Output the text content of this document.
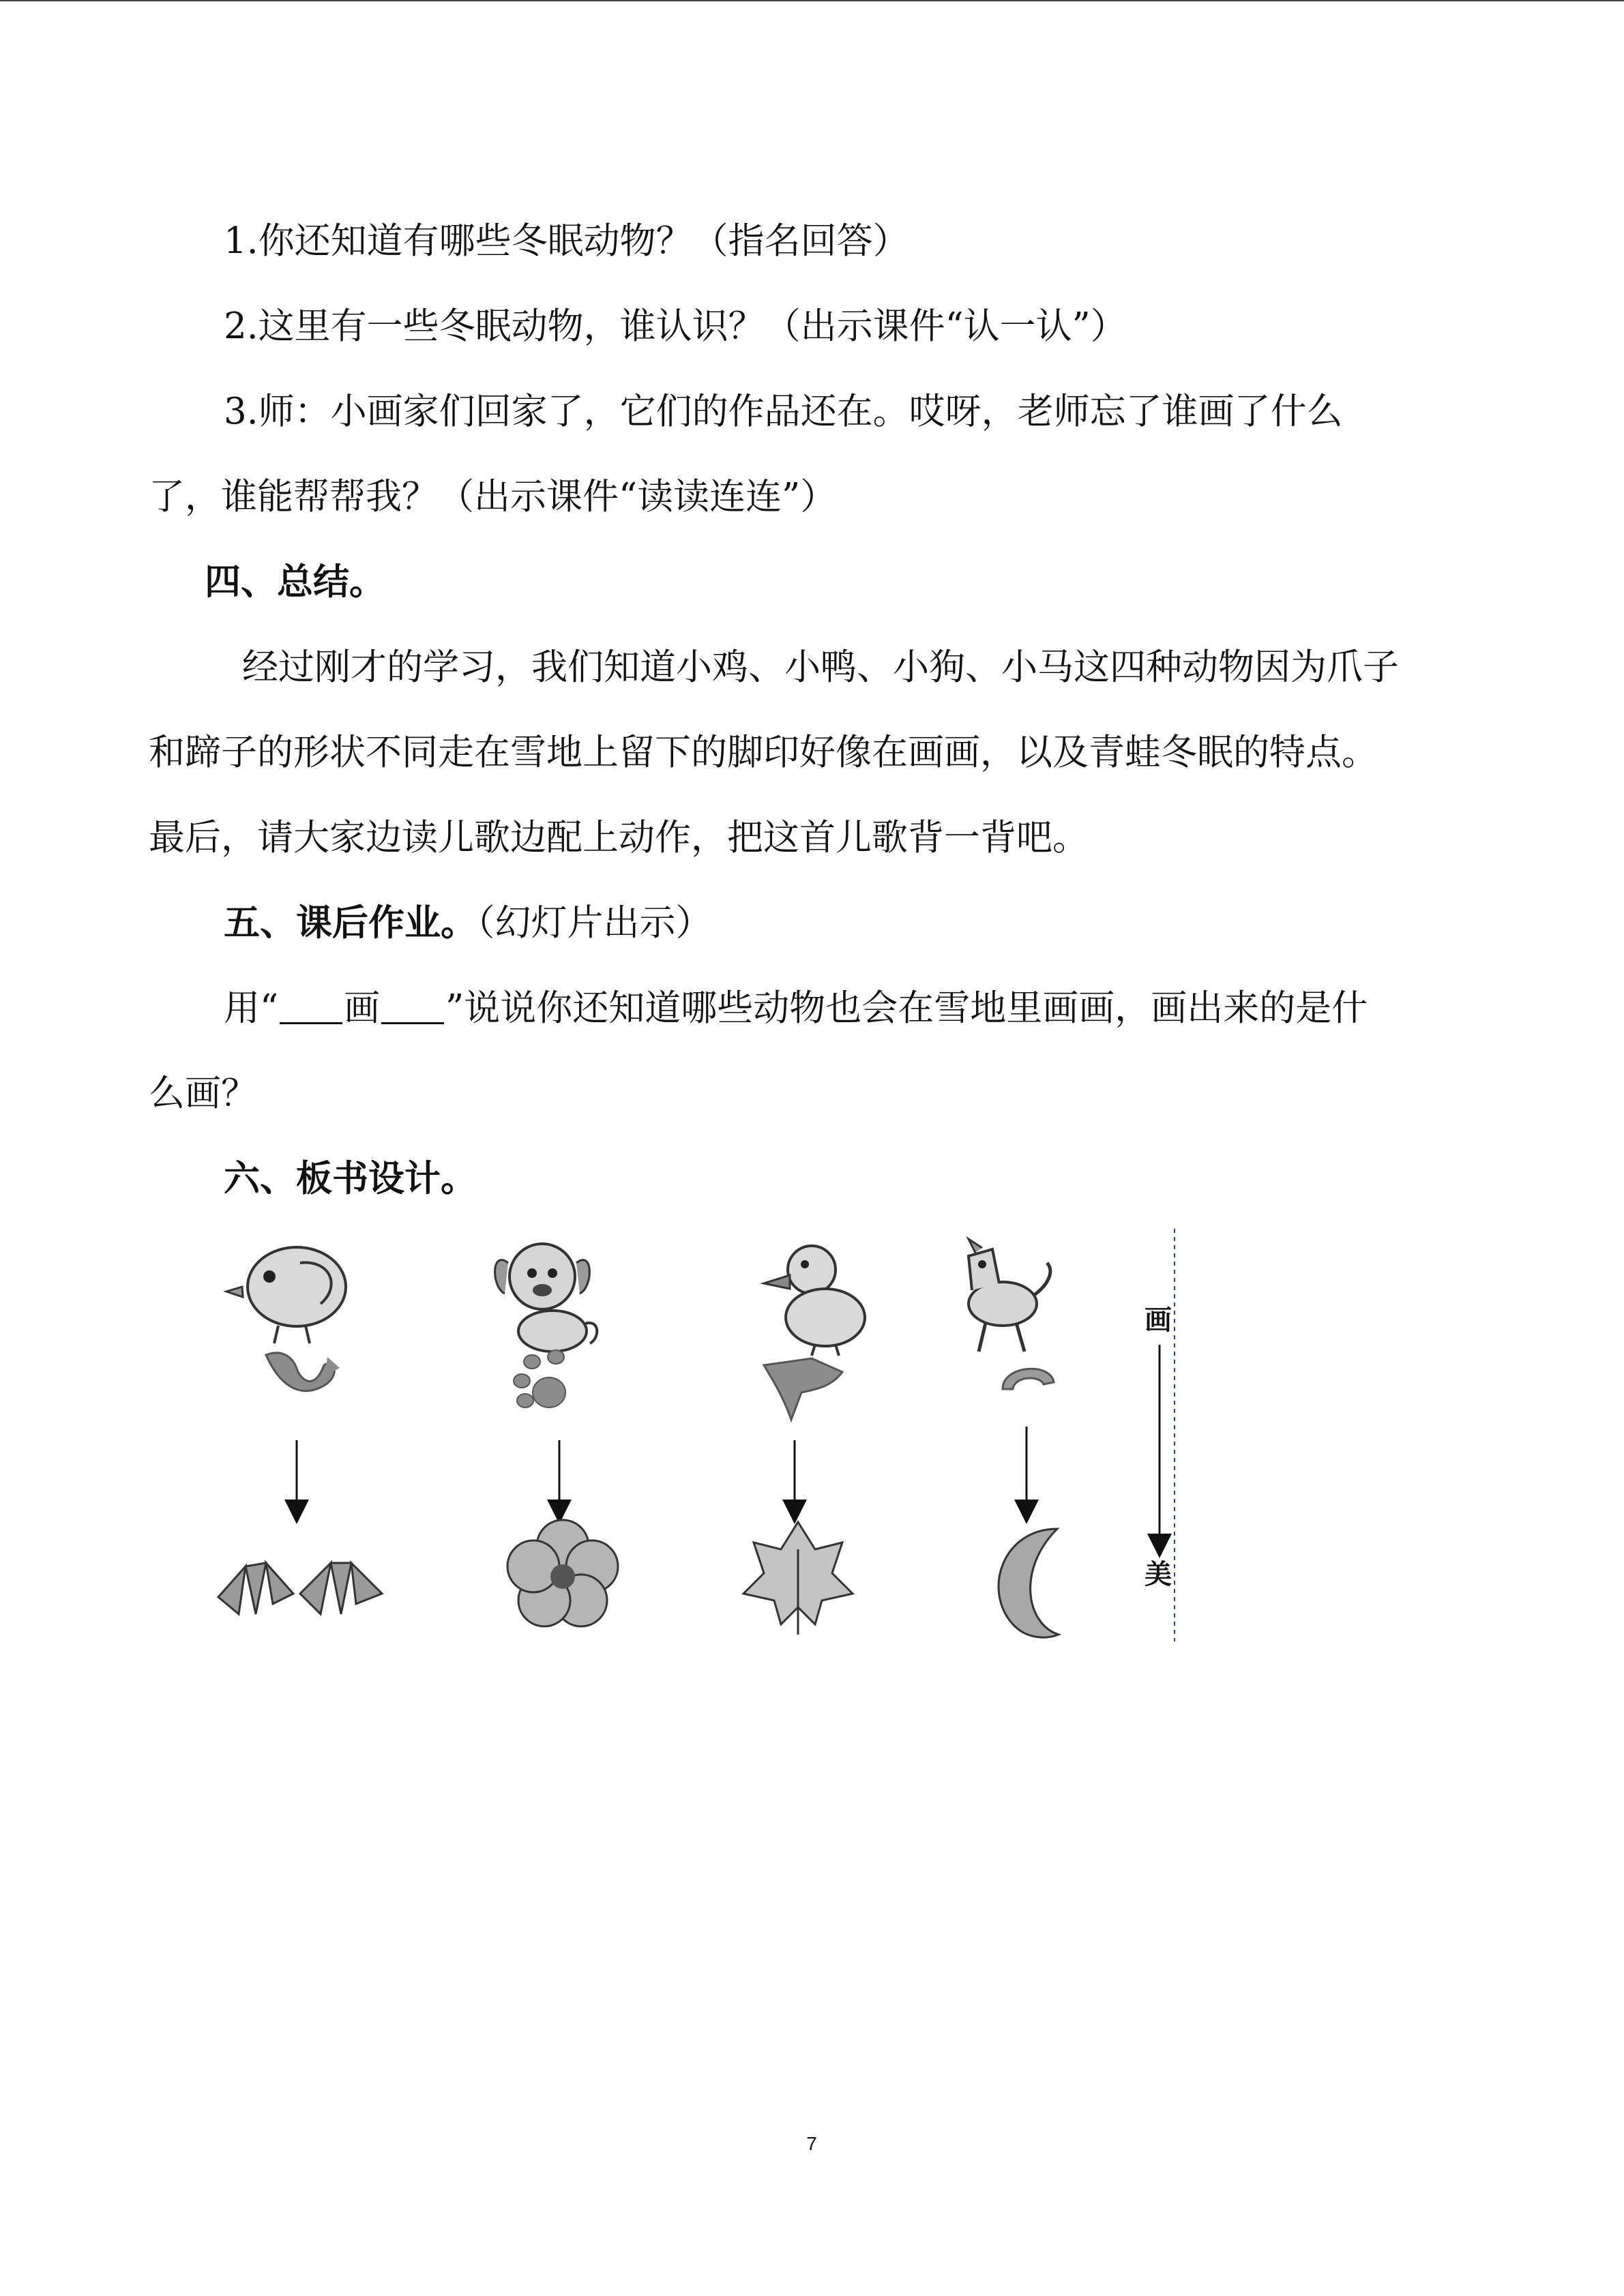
1.你还知道有哪些冬眠动物？（指名回答）
2.这里有一些冬眠动物，谁认识？（出示课件“认一认”）
3.师：小画家们回家了，它们的作品还在。哎呀，老师忘了谁画了什么
了，谁能帮帮我？（出示课件“读读连连”）
四、总结。
经过刚才的学习，我们知道小鸡、小鸭、小狗、小马这四种动物因为爪子
和蹄子的形状不同走在雪地上留下的脚印好像在画画，以及青蛙冬眠的特点。
最后，请大家边读儿歌边配上动作，把这首儿歌背一背吧。
五、课后作业。（幻灯片出示）
用“ 画 ”说说你还知道哪些动物也会在雪地里画画，画出来的是什
么画？
六、板书设计。
画
美
7
